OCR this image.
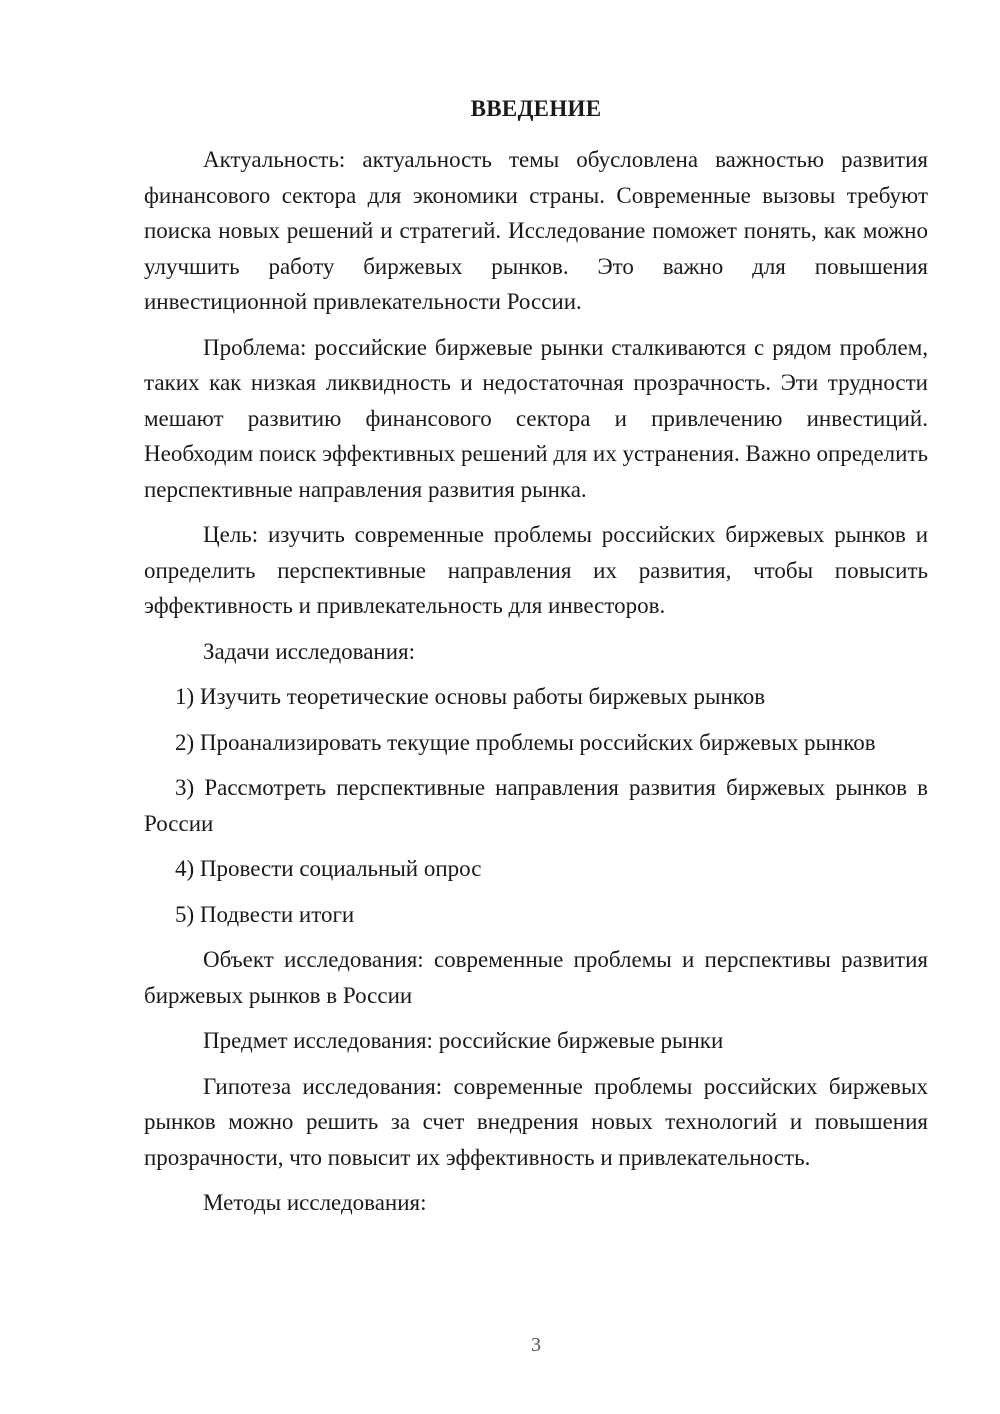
ВВЕДЕНИЕ

Актуальность: актуальность темы обусловлена важностью развития финансового сектора для экономики страны. Современные вызовы требуют поиска новых решений и стратегий. Исследование поможет понять, как можно улучшить работу биржевых рынков. Это важно для повышения инвестиционной привлекательности России.

Проблема: российские биржевые рынки сталкиваются с рядом проблем, таких как низкая ликвидность и недостаточная прозрачность. Эти трудности мешают развитию финансового сектора и привлечению инвестиций. Необходим поиск эффективных решений для их устранения. Важно определить перспективные направления развития рынка.

Цель: изучить современные проблемы российских биржевых рынков и определить перспективные направления их развития, чтобы повысить эффективность и привлекательность для инвесторов.

Задачи исследования:

1) Изучить теоретические основы работы биржевых рынков

2) Проанализировать текущие проблемы российских биржевых рынков

3) Рассмотреть перспективные направления развития биржевых рынков в России

4) Провести социальный опрос

5) Подвести итоги

Объект исследования: современные проблемы и перспективы развития биржевых рынков в России

Предмет исследования: российские биржевые рынки

Гипотеза исследования: современные проблемы российских биржевых рынков можно решить за счет внедрения новых технологий и повышения прозрачности, что повысит их эффективность и привлекательность.

Методы исследования:

3
